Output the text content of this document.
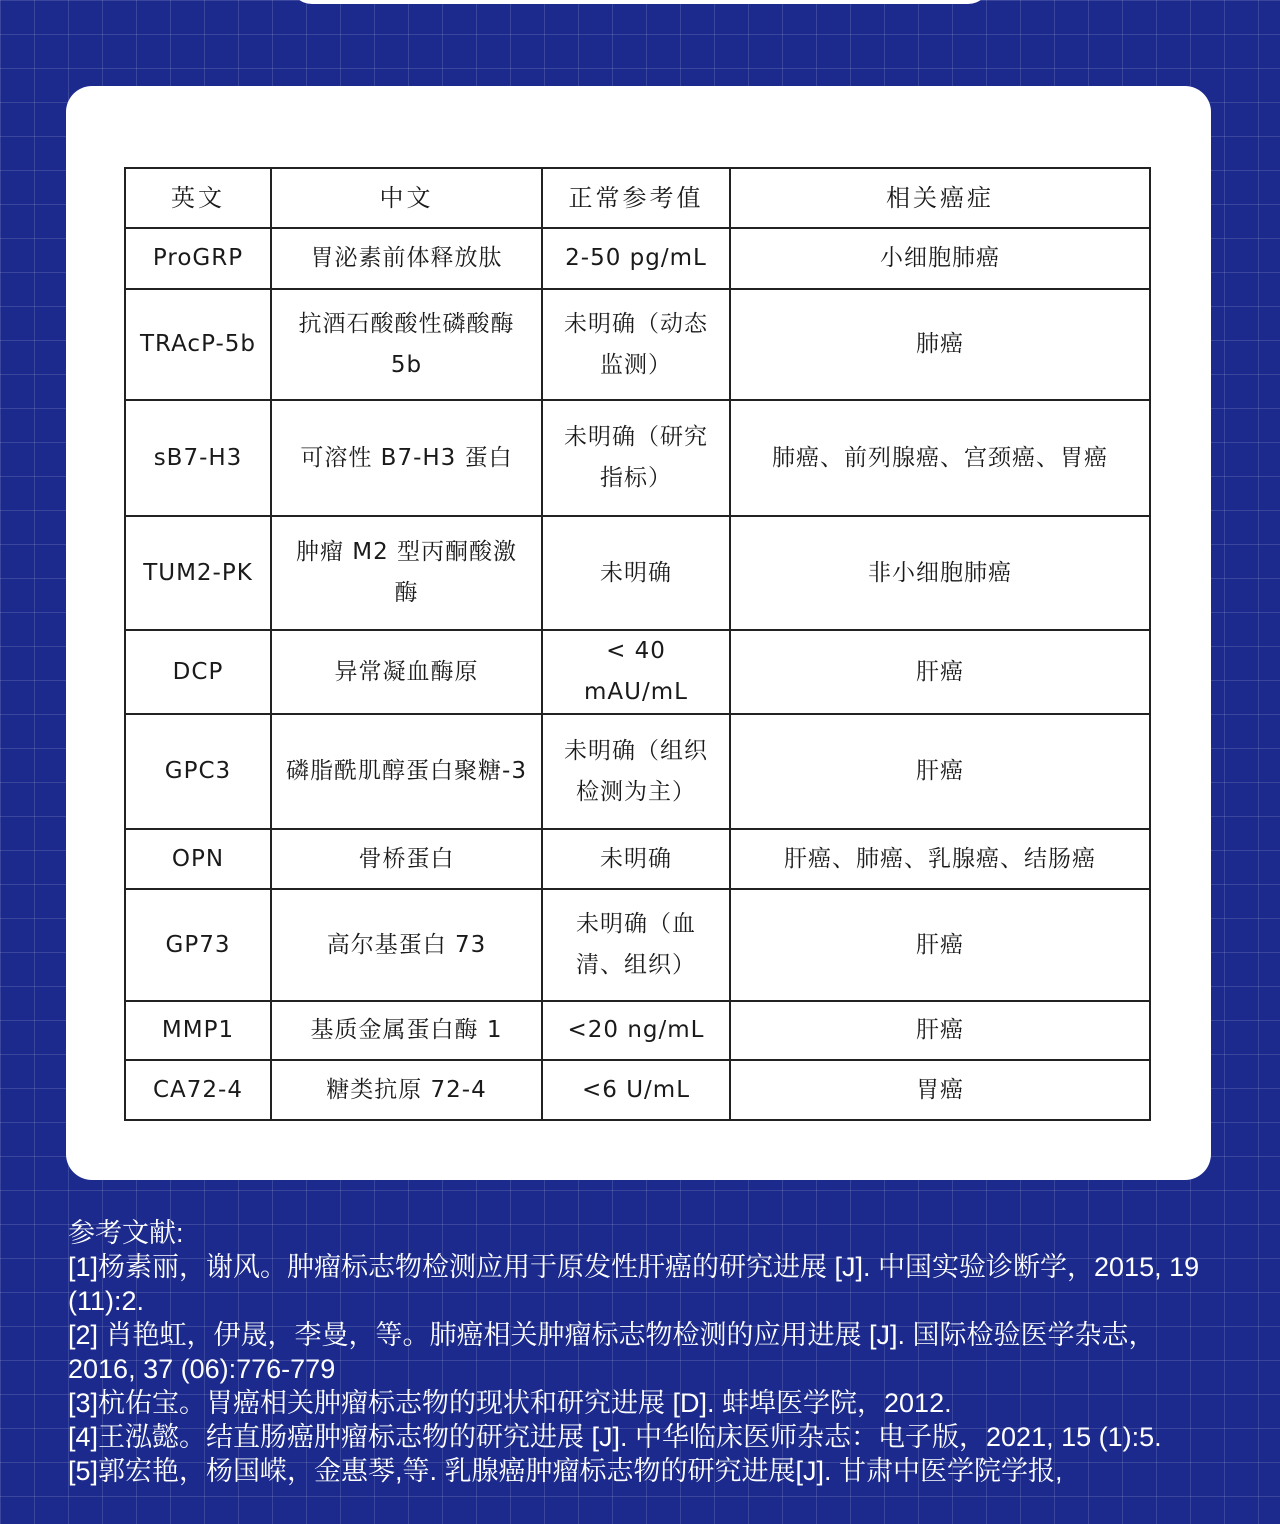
英文	中文	正常参考值	相关癌症
ProGRP	胃泌素前体释放肽	2-50 pg/mL	小细胞肺癌
TRAcP-5b	抗酒石酸酸性磷酸酶 5b	未明确（动态监测）	肺癌
sB7-H3	可溶性 B7-H3 蛋白	未明确（研究指标）	肺癌、前列腺癌、宫颈癌、胃癌
TUM2-PK	肿瘤 M2 型丙酮酸激酶	未明确	非小细胞肺癌
DCP	异常凝血酶原	< 40 mAU/mL	肝癌
GPC3	磷脂酰肌醇蛋白聚糖-3	未明确（组织检测为主）	肝癌
OPN	骨桥蛋白	未明确	肝癌、肺癌、乳腺癌、结肠癌
GP73	高尔基蛋白 73	未明确（血清、组织）	肝癌
MMP1	基质金属蛋白酶 1	<20 ng/mL	肝癌
CA72-4	糖类抗原 72-4	<6 U/mL	胃癌

参考文献:

[1]杨素丽，谢风。肿瘤标志物检测应用于原发性肝癌的研究进展 [J]. 中国实验诊断学，2015, 19 (11):2.

[2] 肖艳虹，伊晟，李曼，等。肺癌相关肿瘤标志物检测的应用进展 [J]. 国际检验医学杂志，2016, 37 (06):776-779

[3]杭佑宝。胃癌相关肿瘤标志物的现状和研究进展 [D]. 蚌埠医学院，2012.

[4]王泓懿。结直肠癌肿瘤标志物的研究进展 [J]. 中华临床医师杂志：电子版，2021, 15 (1):5.

[5]郭宏艳，杨国嵘，金惠琴,等. 乳腺癌肿瘤标志物的研究进展[J]. 甘肃中医学院学报,
